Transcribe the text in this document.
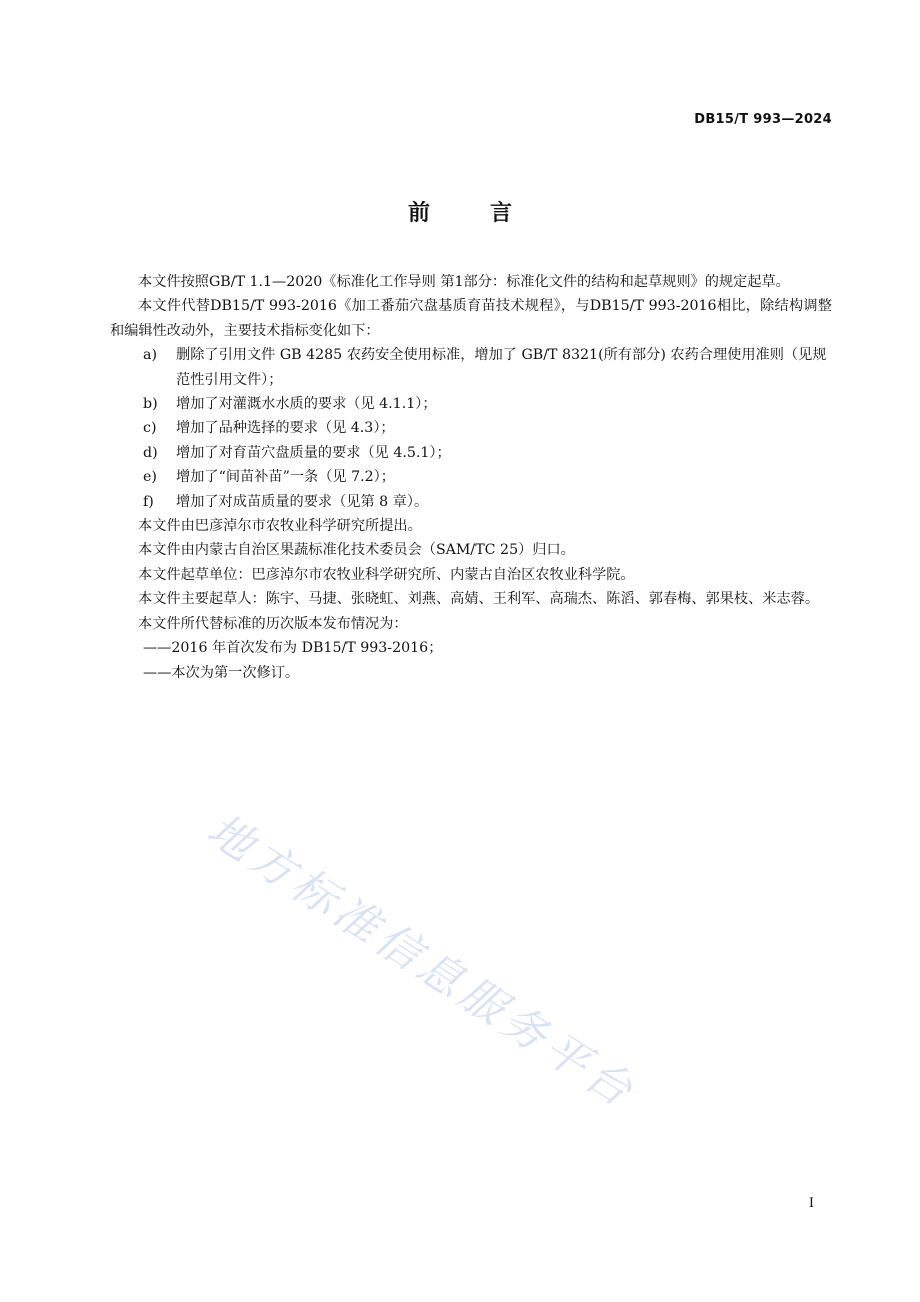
DB15/T 993—2024
前言

本文件按照GB/T 1.1—2020《标准化工作导则 第1部分：标准化文件的结构和起草规则》的规定起草。

本文件代替DB15/T 993-2016《加工番茄穴盘基质育苗技术规程》，与DB15/T 993-2016相比，除结构调整和编辑性改动外，主要技术指标变化如下：

a) 删除了引用文件 GB 4285 农药安全使用标准，增加了 GB/T 8321(所有部分) 农药合理使用准则（见规范性引用文件）；
b) 增加了对灌溉水水质的要求（见 4.1.1）；
c) 增加了品种选择的要求（见 4.3）；
d) 增加了对育苗穴盘质量的要求（见 4.5.1）；
e) 增加了“间苗补苗”一条（见 7.2）；
f) 增加了对成苗质量的要求（见第 8 章）。

本文件由巴彦淖尔市农牧业科学研究所提出。

本文件由内蒙古自治区果蔬标准化技术委员会（SAM/TC 25）归口。

本文件起草单位：巴彦淖尔市农牧业科学研究所、内蒙古自治区农牧业科学院。

本文件主要起草人：陈宇、马捷、张晓虹、刘燕、高婧、王利军、高瑞杰、陈滔、郭春梅、郭果枝、米志蓉。

本文件所代替标准的历次版本发布情况为：

——2016 年首次发布为 DB15/T 993-2016；

——本次为第一次修订。

地方标准信息服务平台
I
